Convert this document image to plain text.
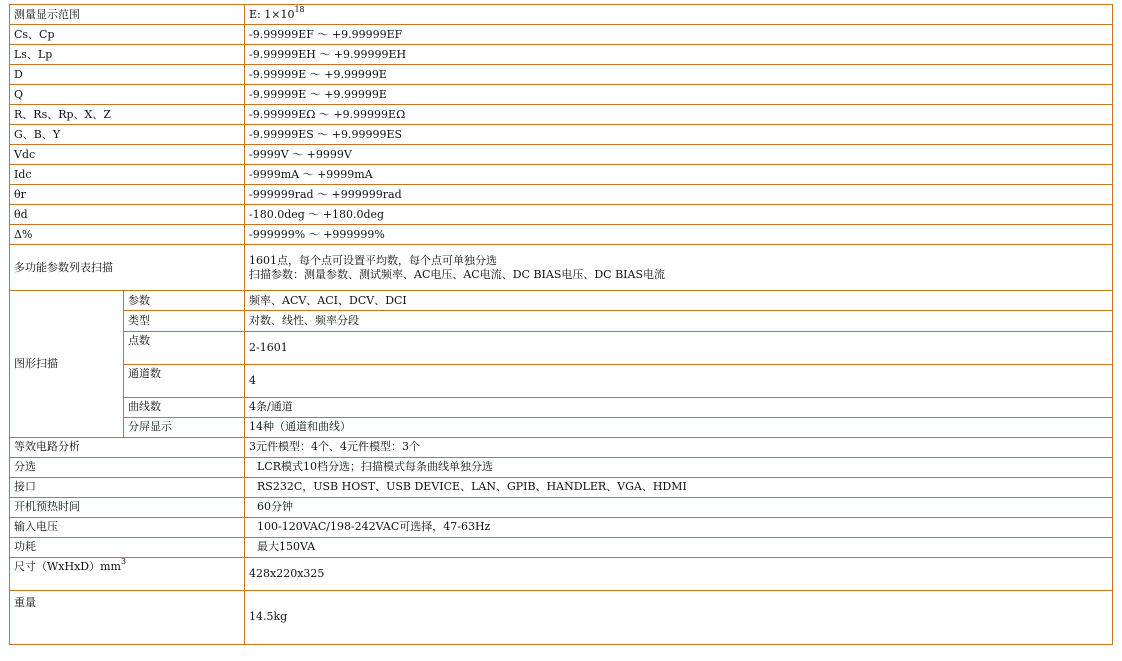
测量显示范围		E: $1\times 10^{18}$
Cs、Cp		-9.99999EF ～ +9.99999EF
Ls、Lp		-9.99999EH ～ +9.99999EH
D		-9.99999E ～ +9.99999E
Q		-9.99999E ～ +9.99999E
R、Rs、Rp、X、Z		-9.99999EΩ ～ +9.99999EΩ
G、B、Y		-9.99999ES ～ +9.99999ES
Vdc		-9999V ～ +9999V
Idc		-9999mA ～ +9999mA
θr		-999999rad ～ +999999rad
θd		-180.0deg ～ +180.0deg
Δ%		-999999% ～ +999999%
多功能参数列表扫描		1601点，每个点可设置平均数，每个点可单独分选
扫描参数：测量参数、测试频率、AC电压、AC电流、DC BIAS电压、DC BIAS电流

图形扫描	参数	频率、ACV、ACI、DCV、DCI
	类型	对数、线性、频率分段
	点数	2-1601
	通道数	4
	曲线数	4条/通道
	分屏显示	14种（通道和曲线）
等效电路分析		3元件模型：4个、4元件模型：3个
分选		LCR模式10档分选；扫描模式每条曲线单独分选
接口		RS232C，USB HOST、USB DEVICE、LAN、GPIB、HANDLER、VGA、HDMI
开机预热时间		60分钟
输入电压		100-120VAC/198-242VAC可选择，47-63Hz
功耗		最大150VA
尺寸$(WxHxD)mm^3$		428x220x325
重量		14.5kg
